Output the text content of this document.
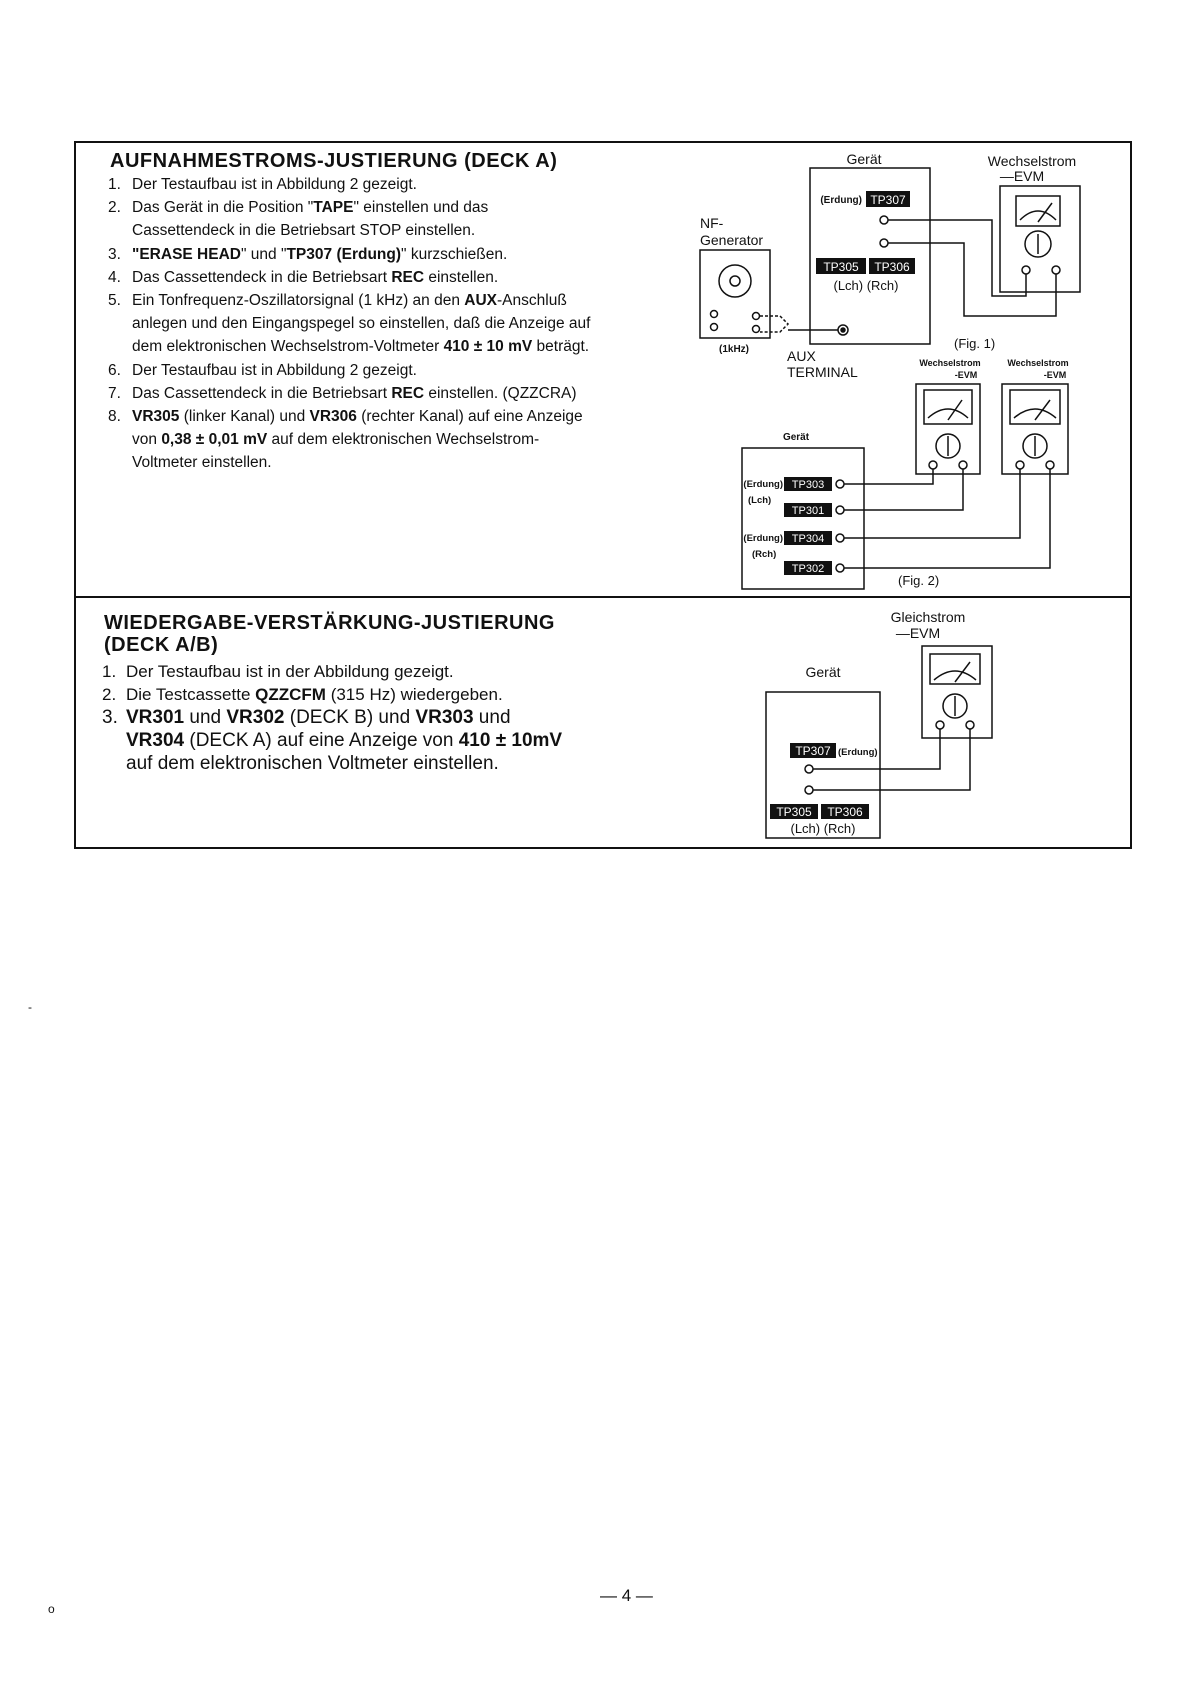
AUFNAHMESTROMS-JUSTIERUNG (DECK A)
1. Der Testaufbau ist in Abbildung 2 gezeigt.
2. Das Gerät in die Position "TAPE" einstellen und das Cassettendeck in die Betriebsart STOP einstellen.
3. "ERASE HEAD" und "TP307 (Erdung)" kurzschießen.
4. Das Cassettendeck in die Betriebsart REC einstellen.
5. Ein Tonfrequenz-Oszillatorsignal (1 kHz) an den AUX-Anschluß anlegen und den Eingangspegel so einstellen, daß die Anzeige auf dem elektronischen Wechselstrom-Voltmeter 410 ± 10 mV beträgt.
6. Der Testaufbau ist in Abbildung 2 gezeigt.
7. Das Cassettendeck in die Betriebsart REC einstellen. (QZZCRA)
8. VR305 (linker Kanal) und VR306 (rechter Kanal) auf eine Anzeige von 0,38 ± 0,01 mV auf dem elektronischen Wechselstrom-Voltmeter einstellen.
WIEDERGABE-VERSTÄRKUNG-JUSTIERUNG
(DECK A/B)
1. Der Testaufbau ist in der Abbildung gezeigt.
2. Die Testcassette QZZCFM (315 Hz) wiedergeben.
3. VR301 und VR302 (DECK B) und VR303 und VR304 (DECK A) auf eine Anzeige von 410 ± 10mV auf dem elektronischen Voltmeter einstellen.
Gerät	Wechselstrom
—EVM
(Erdung) TP307
TP305 TP306
(Lch) (Rch)
NF-
Generator
(1kHz)	AUX
TERMINAL
(Fig. 1)
Wechselstrom
-EVM
Wechselstrom
-EVM
Gerät
(Erdung) TP303
(Lch)
TP301
(Erdung) TP304
(Rch)
TP302
(Fig. 2)
Gleichstrom
—EVM
Gerät
TP307 (Erdung)
TP305 TP306
(Lch) (Rch)
— 4 —
-
o
